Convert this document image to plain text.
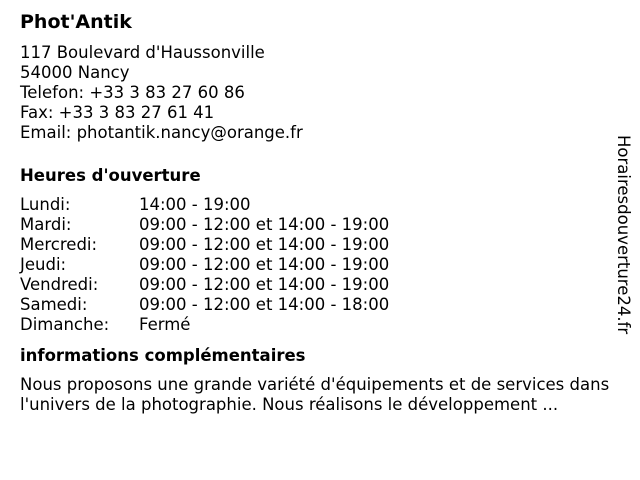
Phot'Antik
117 Boulevard d'Haussonville
54000 Nancy
Telefon: +33 3 83 27 60 86
Fax: +33 3 83 27 61 41
Email: photantik.nancy@orange.fr
Heures d'ouverture
Lundi:	14:00 - 19:00
Mardi:	09:00 - 12:00 et 14:00 - 19:00
Mercredi:	09:00 - 12:00 et 14:00 - 19:00
Jeudi:	09:00 - 12:00 et 14:00 - 19:00
Vendredi:	09:00 - 12:00 et 14:00 - 19:00
Samedi:	09:00 - 12:00 et 14:00 - 18:00
Dimanche:	Fermé
informations complémentaires
Nous proposons une grande variété d'équipements et de services dans l'univers de la photographie. Nous réalisons le développement ...
Horairesdouverture24.fr
